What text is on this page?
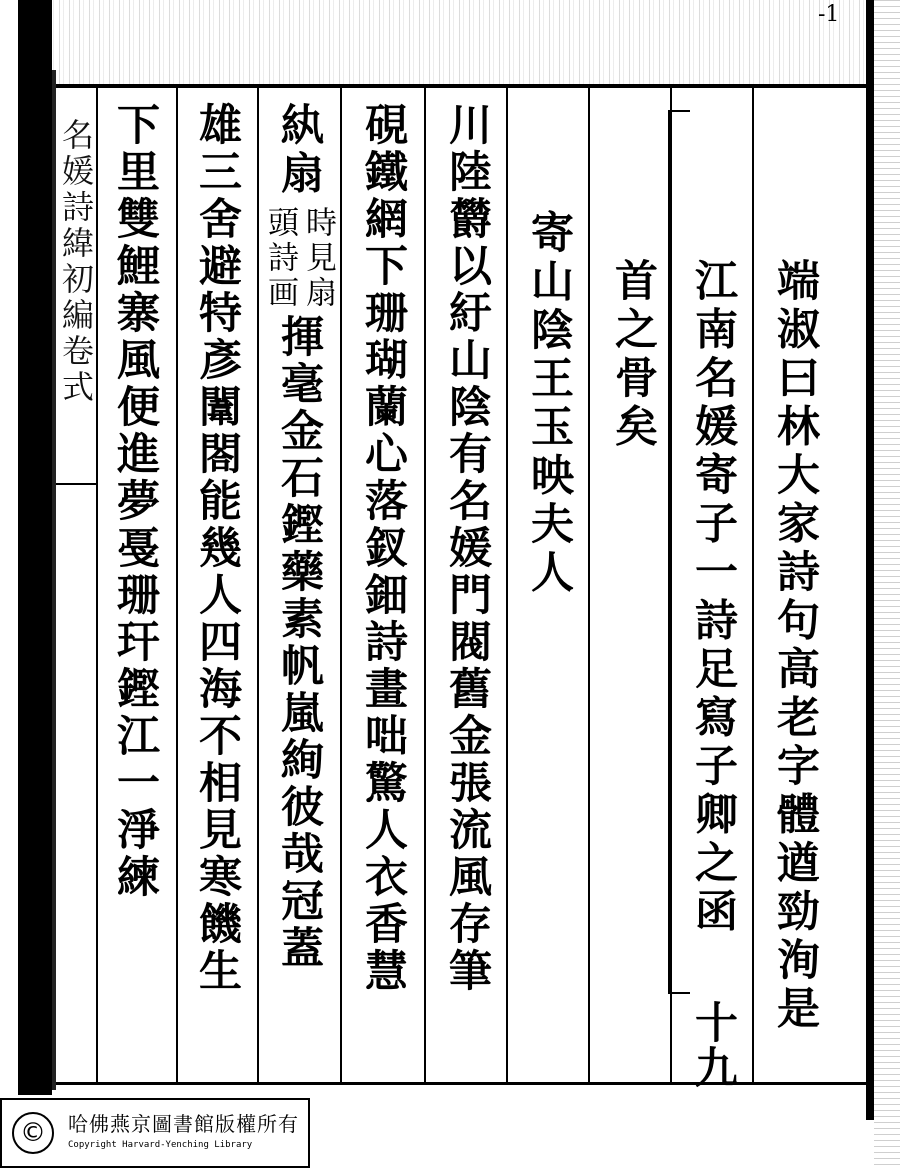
-1
名媛詩緯初編卷式	端淑曰林大家詩句高老字體遒勁洵是
江南名媛寄子一詩足寫子卿之函
十九
首之骨矣
寄山陰王玉映夫人
川陸欝以紆山陰有名媛門閥舊金張流風存筆
硯鐵網下珊瑚蘭心落釵鈿詩畫咄驚人衣香慧
紈扇
時見扇
頭詩画
揮毫金石鏗藥素帆嵐絢彼哉冠蓋
雄三舍避特彥闈閤能幾人四海不相見寒饑生
下里雙鯉寨風便進夢戞珊玕鏗江一淨練
©	哈佛燕京圖書館版權所有
Copyright Harvard-Yenching Library
